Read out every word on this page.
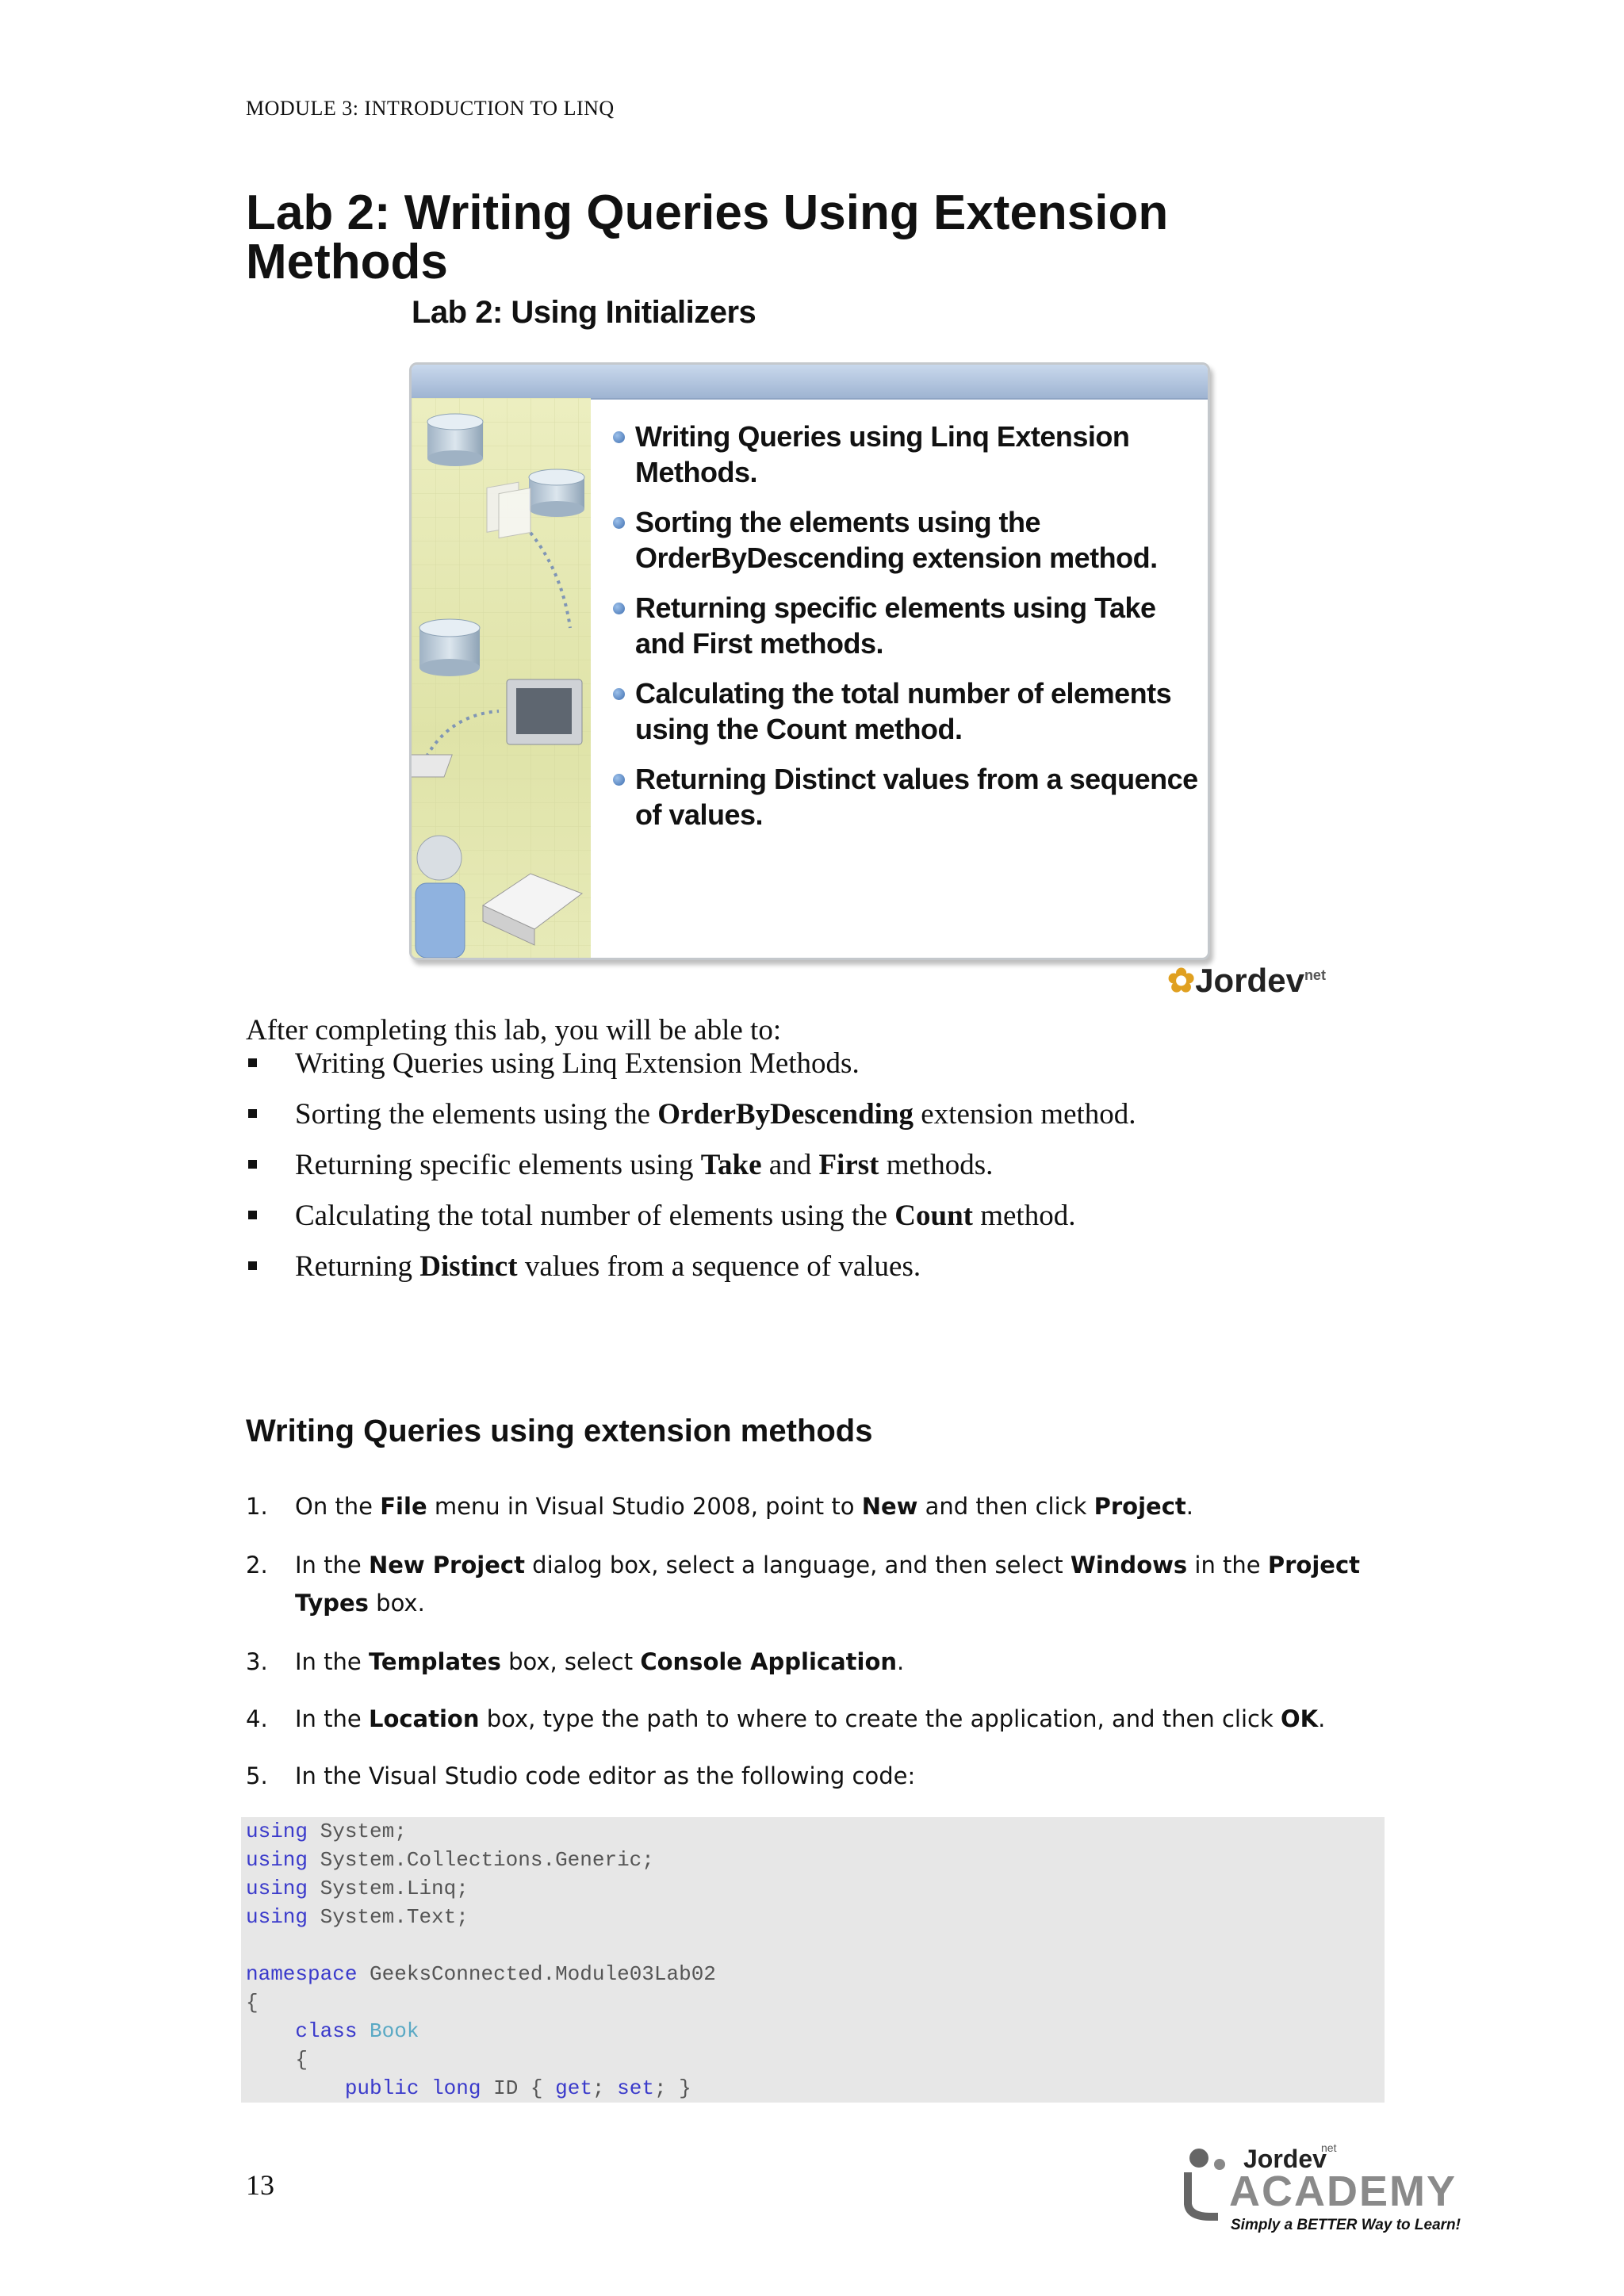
MODULE 3: INTRODUCTION TO LINQ
Lab 2: Writing Queries Using Extension Methods
Lab 2: Using Initializers
Writing Queries using Linq Extension Methods.
Sorting the elements using the OrderByDescending extension method.
Returning specific elements using Take and First methods.
Calculating the total number of elements using the Count method.
Returning Distinct values from a sequence of values.
✿Jordev$^{net}$
After completing this lab, you will be able to:
Writing Queries using Linq Extension Methods.
Sorting the elements using the OrderByDescending extension method.
Returning specific elements using Take and First methods.
Calculating the total number of elements using the Count method.
Returning Distinct values from a sequence of values.
Writing Queries using extension methods
1. On the File menu in Visual Studio 2008, point to New and then click Project.
2. In the New Project dialog box, select a language, and then select Windows in the Project Types box.
3. In the Templates box, select Console Application.
4. In the Location box, type the path to where to create the application, and then click OK.
5. In the Visual Studio code editor as the following code:
using System;
using System.Collections.Generic;
using System.Linq;
using System.Text;

namespace GeeksConnected.Module03Lab02
{
class Book
{
public long ID { get; set; }
13
Jordev
net
ACADEMY
Simply a BETTER Way to Learn!
